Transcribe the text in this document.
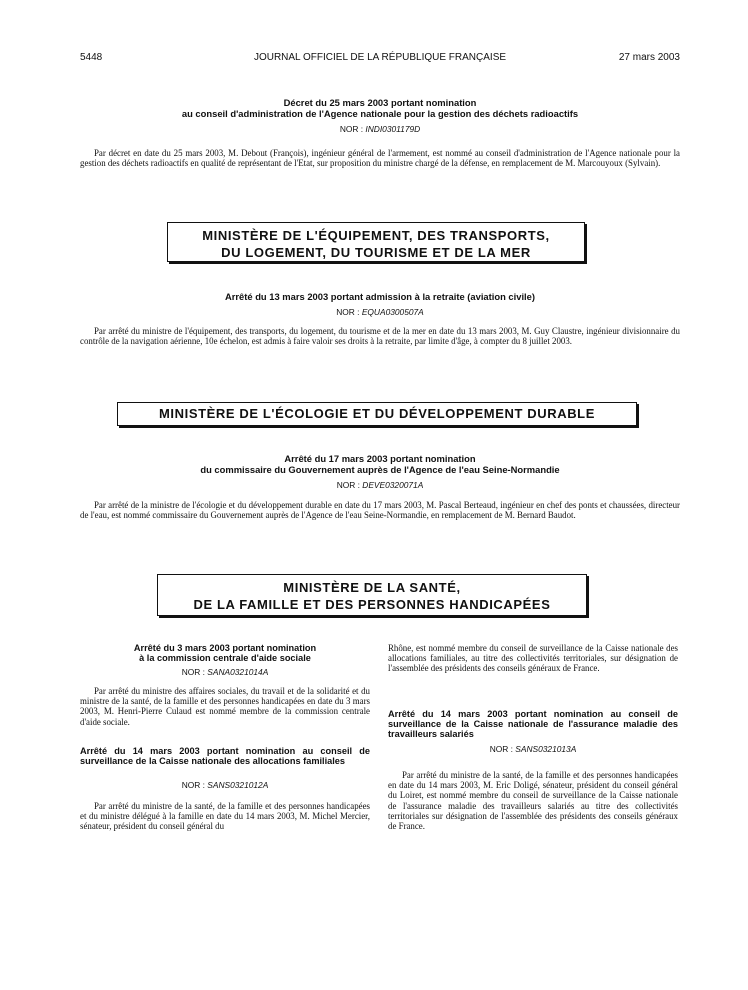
5448	JOURNAL OFFICIEL DE LA RÉPUBLIQUE FRANÇAISE	27 mars 2003
Décret du 25 mars 2003 portant nomination
au conseil d'administration de l'Agence nationale pour la gestion des déchets radioactifs
NOR : INDI0301179D
Par décret en date du 25 mars 2003, M. Debout (François), ingénieur général de l'armement, est nommé au conseil d'administration de l'Agence nationale pour la gestion des déchets radioactifs en qualité de représentant de l'Etat, sur proposition du ministre chargé de la défense, en remplacement de M. Marcouyoux (Sylvain).
MINISTÈRE DE L'ÉQUIPEMENT, DES TRANSPORTS,
DU LOGEMENT, DU TOURISME ET DE LA MER
Arrêté du 13 mars 2003 portant admission à la retraite (aviation civile)
NOR : EQUA0300507A
Par arrêté du ministre de l'équipement, des transports, du logement, du tourisme et de la mer en date du 13 mars 2003, M. Guy Claustre, ingénieur divisionnaire du contrôle de la navigation aérienne, 10e échelon, est admis à faire valoir ses droits à la retraite, par limite d'âge, à compter du 8 juillet 2003.
MINISTÈRE DE L'ÉCOLOGIE ET DU DÉVELOPPEMENT DURABLE
Arrêté du 17 mars 2003 portant nomination
du commissaire du Gouvernement auprès de l'Agence de l'eau Seine-Normandie
NOR : DEVE0320071A
Par arrêté de la ministre de l'écologie et du développement durable en date du 17 mars 2003, M. Pascal Berteaud, ingénieur en chef des ponts et chaussées, directeur de l'eau, est nommé commissaire du Gouvernement auprès de l'Agence de l'eau Seine-Normandie, en remplacement de M. Bernard Baudot.
MINISTÈRE DE LA SANTÉ,
DE LA FAMILLE ET DES PERSONNES HANDICAPÉES
Arrêté du 3 mars 2003 portant nomination
à la commission centrale d'aide sociale
NOR : SANA0321014A
Par arrêté du ministre des affaires sociales, du travail et de la solidarité et du ministre de la santé, de la famille et des personnes handicapées en date du 3 mars 2003, M. Henri-Pierre Culaud est nommé membre de la commission centrale d'aide sociale.
Arrêté du 14 mars 2003 portant nomination au conseil de surveillance de la Caisse nationale des allocations familiales
NOR : SANS0321012A
Par arrêté du ministre de la santé, de la famille et des personnes handicapées et du ministre délégué à la famille en date du 14 mars 2003, M. Michel Mercier, sénateur, président du conseil général du
Rhône, est nommé membre du conseil de surveillance de la Caisse nationale des allocations familiales, au titre des collectivités territoriales, sur désignation de l'assemblée des présidents des conseils généraux de France.
Arrêté du 14 mars 2003 portant nomination au conseil de surveillance de la Caisse nationale de l'assurance maladie des travailleurs salariés
NOR : SANS0321013A
Par arrêté du ministre de la santé, de la famille et des personnes handicapées en date du 14 mars 2003, M. Eric Doligé, sénateur, président du conseil général du Loiret, est nommé membre du conseil de surveillance de la Caisse nationale de l'assurance maladie des travailleurs salariés au titre des collectivités territoriales sur désignation de l'assemblée des présidents des conseils généraux de France.
